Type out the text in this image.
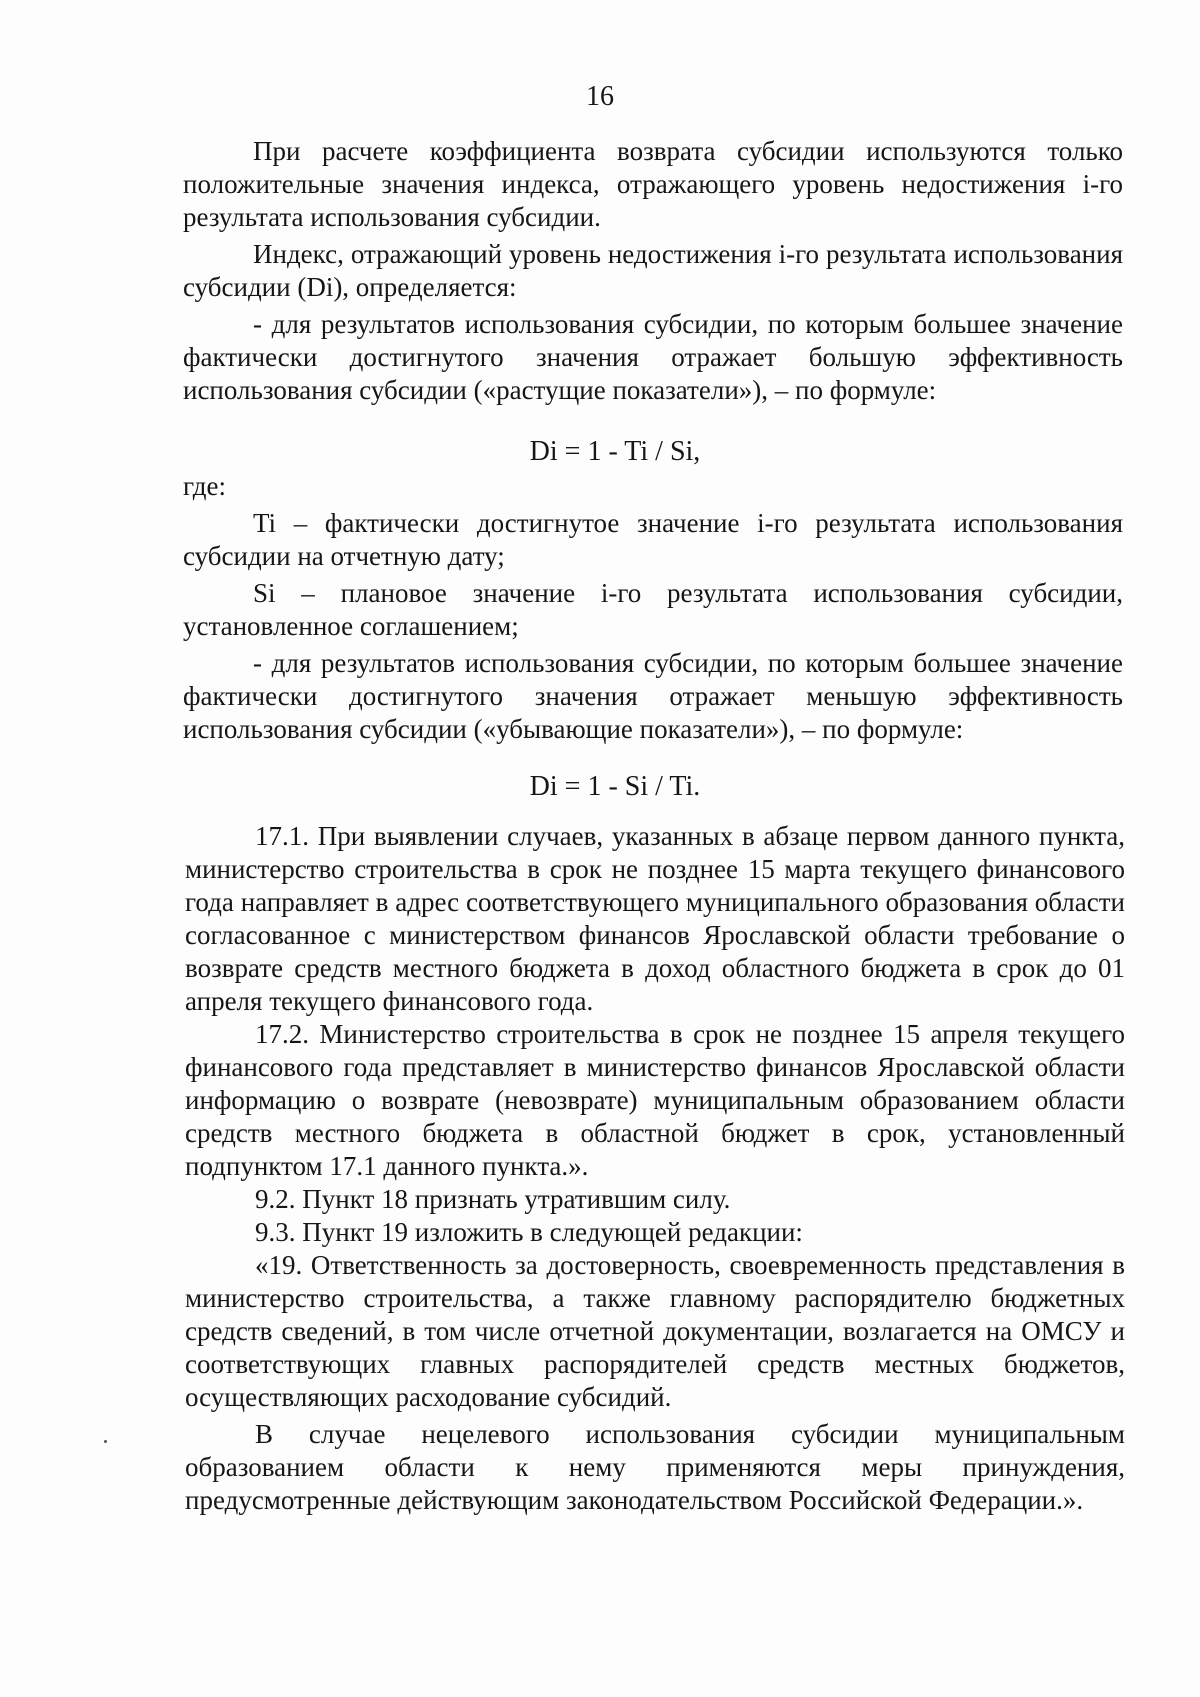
16

При расчете коэффициента возврата субсидии используются только положительные значения индекса, отражающего уровень недостижения i-го результата использования субсидии.

Индекс, отражающий уровень недостижения i-го результата использования субсидии (Di), определяется:

- для результатов использования субсидии, по которым большее значение фактически достигнутого значения отражает большую эффективность использования субсидии («растущие показатели»), – по формуле:

Di = 1 - Ti / Si,

где:

Ti – фактически достигнутое значение i-го результата использования субсидии на отчетную дату;

Si – плановое значение i-го результата использования субсидии, установленное соглашением;

- для результатов использования субсидии, по которым большее значение фактически достигнутого значения отражает меньшую эффективность использования субсидии («убывающие показатели»), – по формуле:

Di = 1 - Si / Ti.

17.1. При выявлении случаев, указанных в абзаце первом данного пункта, министерство строительства в срок не позднее 15 марта текущего финансового года направляет в адрес соответствующего муниципального образования области согласованное с министерством финансов Ярославской области требование о возврате средств местного бюджета в доход областного бюджета в срок до 01 апреля текущего финансового года.

17.2. Министерство строительства в срок не позднее 15 апреля текущего финансового года представляет в министерство финансов Ярославской области информацию о возврате (невозврате) муниципальным образованием области средств местного бюджета в областной бюджет в срок, установленный подпунктом 17.1 данного пункта.».

9.2. Пункт 18 признать утратившим силу.

9.3. Пункт 19 изложить в следующей редакции:

«19. Ответственность за достоверность, своевременность представления в министерство строительства, а также главному распорядителю бюджетных средств сведений, в том числе отчетной документации, возлагается на ОМСУ и соответствующих главных распорядителей средств местных бюджетов, осуществляющих расходование субсидий.

В случае нецелевого использования субсидии муниципальным образованием области к нему применяются меры принуждения, предусмотренные действующим законодательством Российской Федерации.».
